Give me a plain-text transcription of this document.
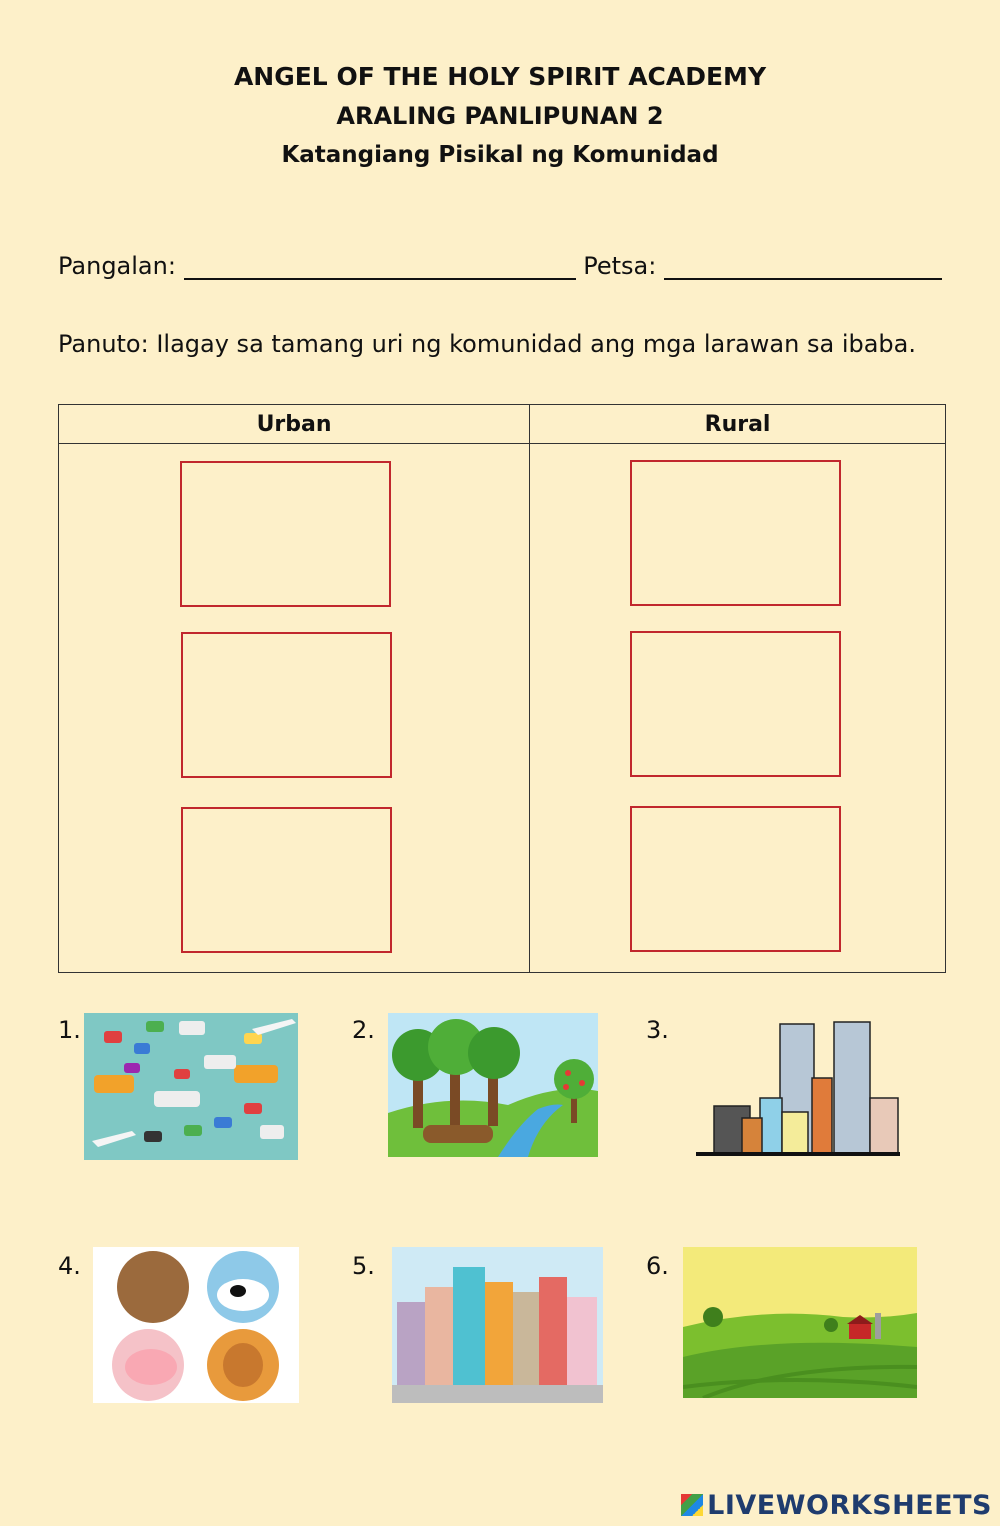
ANGEL OF THE HOLY SPIRIT ACADEMY
ARALING PANLIPUNAN 2
Katangiang Pisikal ng Komunidad
Pangalan:	Petsa:
Panuto: Ilagay sa tamang uri ng komunidad ang mga larawan sa ibaba.
Urban	Rural

1.	2.	3.
4.	5.	6.
LIVEWORKSHEETS
